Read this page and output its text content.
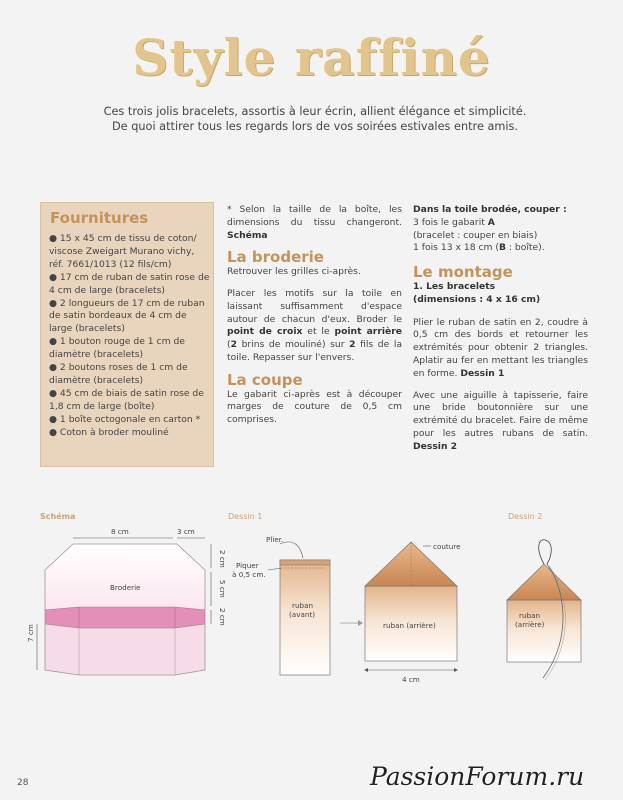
Style raffiné
Ces trois jolis bracelets, assortis à leur écrin, allient élégance et simplicité.
De quoi attirer tous les regards lors de vos soirées estivales entre amis.
Fournitures
● 15 x 45 cm de tissu de coton/ viscose Zweigart Murano vichy, réf. 7661/1013 (12 fils/cm)
● 17 cm de ruban de satin rose de 4 cm de large (bracelets)
● 2 longueurs de 17 cm de ruban de satin bordeaux de 4 cm de large (bracelets)
● 1 bouton rouge de 1 cm de diamètre (bracelets)
● 2 boutons roses de 1 cm de diamètre (bracelets)
● 45 cm de biais de satin rose de 1,8 cm de large (boîte)
● 1 boîte octogonale en carton *
● Coton à broder mouliné

* Selon la taille de la boîte, les dimensions du tissu changeront. Schéma

La broderie

Retrouver les grilles ci-après.

Placer les motifs sur la toile en laissant suffisamment d'espace autour de chacun d'eux. Broder le point de croix et le point arrière (2 brins de mouliné) sur 2 fils de la toile. Repasser sur l'envers.

La coupe

Le gabarit ci-après est à découper marges de couture de 0,5 cm comprises.

Dans la toile brodée, couper :
3 fois le gabarit A
(bracelet : couper en biais)
1 fois 13 x 18 cm (B : boîte).
Le montage
1. Les bracelets
(dimensions : 4 x 16 cm)

Plier le ruban de satin en 2, coudre à 0,5 cm des bords et retourner les extrémités pour obtenir 2 triangles. Aplatir au fer en mettant les triangles en forme. Dessin 1

Avec une aiguille à tapisserie, faire une bride boutonnière sur une extrémité du bracelet. Faire de même pour les autres rubans de satin. Dessin 2

Schéma
8 cm	3 cm
2 cm
5 cm
2 cm
7 cm
Broderie
Dessin 1
Plier.
Piquer
à 0,5 cm.
ruban
(avant)
couture
ruban (arrière)
4 cm
Dessin 2
ruban
(arrière)
28	PassionForum.ru
